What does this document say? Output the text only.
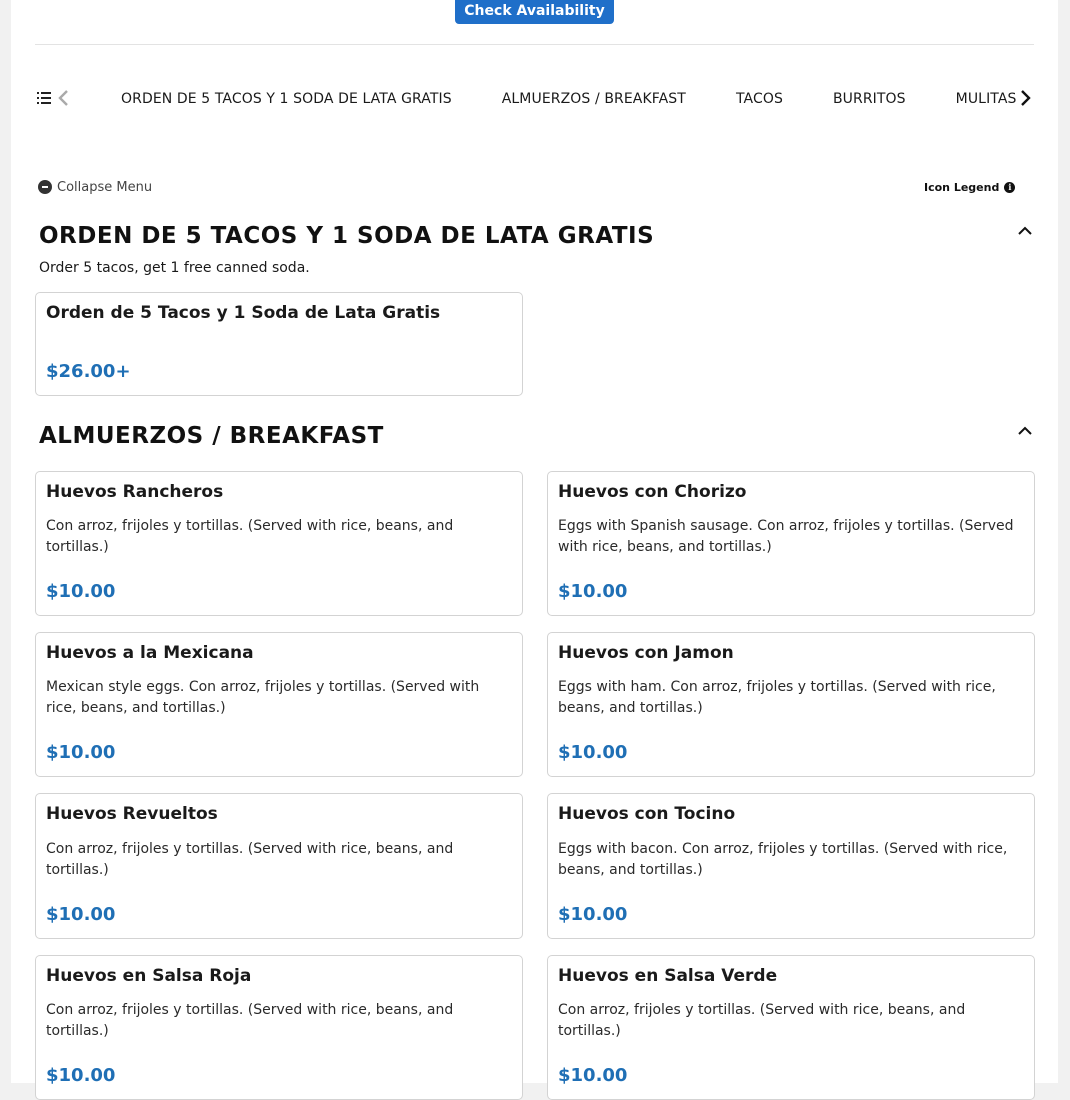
Check Availability
ORDEN DE 5 TACOS Y 1 SODA DE LATA GRATIS	ALMUERZOS / BREAKFAST	TACOS	BURRITOS	MULITAS
Collapse Menu	Icon Legend	i
ORDEN DE 5 TACOS Y 1 SODA DE LATA GRATIS
Order 5 tacos, get 1 free canned soda.
Orden de 5 Tacos y 1 Soda de Lata Gratis
$26.00+
ALMUERZOS / BREAKFAST
Huevos Rancheros
Con arroz, frijoles y tortillas. (Served with rice, beans, and tortillas.)
$10.00
Huevos con Chorizo
Eggs with Spanish sausage. Con arroz, frijoles y tortillas. (Served with rice, beans, and tortillas.)
$10.00
Huevos a la Mexicana
Mexican style eggs. Con arroz, frijoles y tortillas. (Served with rice, beans, and tortillas.)
$10.00
Huevos con Jamon
Eggs with ham. Con arroz, frijoles y tortillas. (Served with rice, beans, and tortillas.)
$10.00
Huevos Revueltos
Con arroz, frijoles y tortillas. (Served with rice, beans, and tortillas.)
$10.00
Huevos con Tocino
Eggs with bacon. Con arroz, frijoles y tortillas. (Served with rice, beans, and tortillas.)
$10.00
Huevos en Salsa Roja
Con arroz, frijoles y tortillas. (Served with rice, beans, and tortillas.)
$10.00
Huevos en Salsa Verde
Con arroz, frijoles y tortillas. (Served with rice, beans, and tortillas.)
$10.00
